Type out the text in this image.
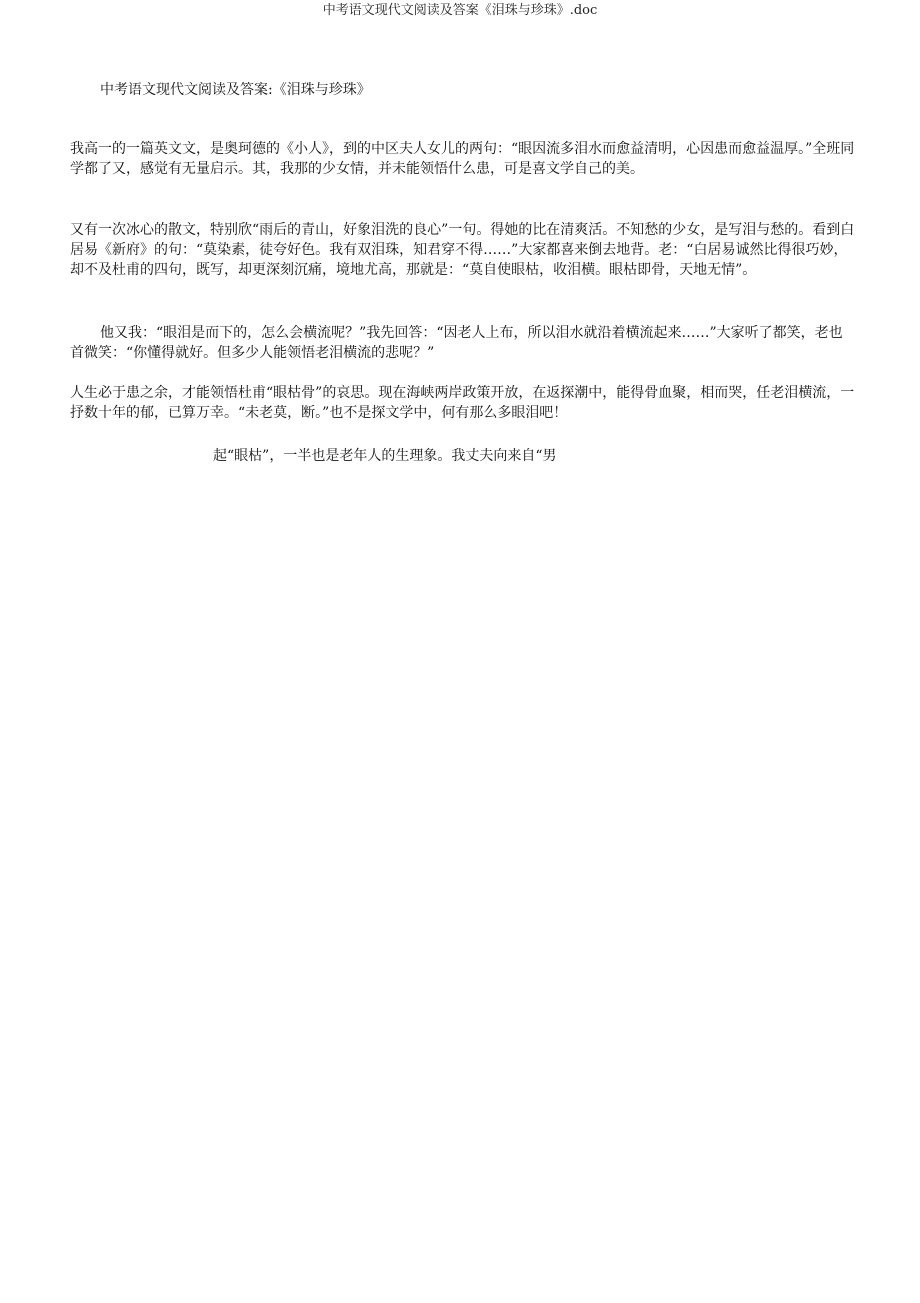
中考语文现代文阅读及答案《泪珠与珍珠》.doc
中考语文现代文阅读及答案:《泪珠与珍珠》

我高一的一篇英文文，是奥珂德的《小人》，到的中区夫人女儿的两句：“眼因流多泪水而愈益清明，心因患而愈益温厚。”全班同学都了又，感觉有无量启示。其，我那的少女情，并未能领悟什么患，可是喜文学自己的美。

又有一次冰心的散文，特别欣“雨后的青山，好象泪洗的良心”一句。得她的比在清爽活。不知愁的少女，是写泪与愁的。看到白居易《新府》的句：“莫染素，徒夸好色。我有双泪珠，知君穿不得……”大家都喜来倒去地背。老：“白居易诚然比得很巧妙，却不及杜甫的四句，既写，却更深刻沉痛，境地尤高，那就是：“莫自使眼枯，收泪横。眼枯即骨，天地无情”。

他又我：“眼泪是而下的，怎么会横流呢？”我先回答：“因老人上布，所以泪水就沿着横流起来……”大家听了都笑，老也首微笑：“你懂得就好。但多少人能领悟老泪横流的悲呢？”

人生必于患之余，才能领悟杜甫“眼枯骨”的哀思。现在海峡两岸政策开放，在返探潮中，能得骨血聚，相而哭，任老泪横流，一抒数十年的郁，已算万幸。“未老莫，断。”也不是探文学中，何有那么多眼泪吧！

起“眼枯”，一半也是老年人的生理象。我丈夫向来自“男
